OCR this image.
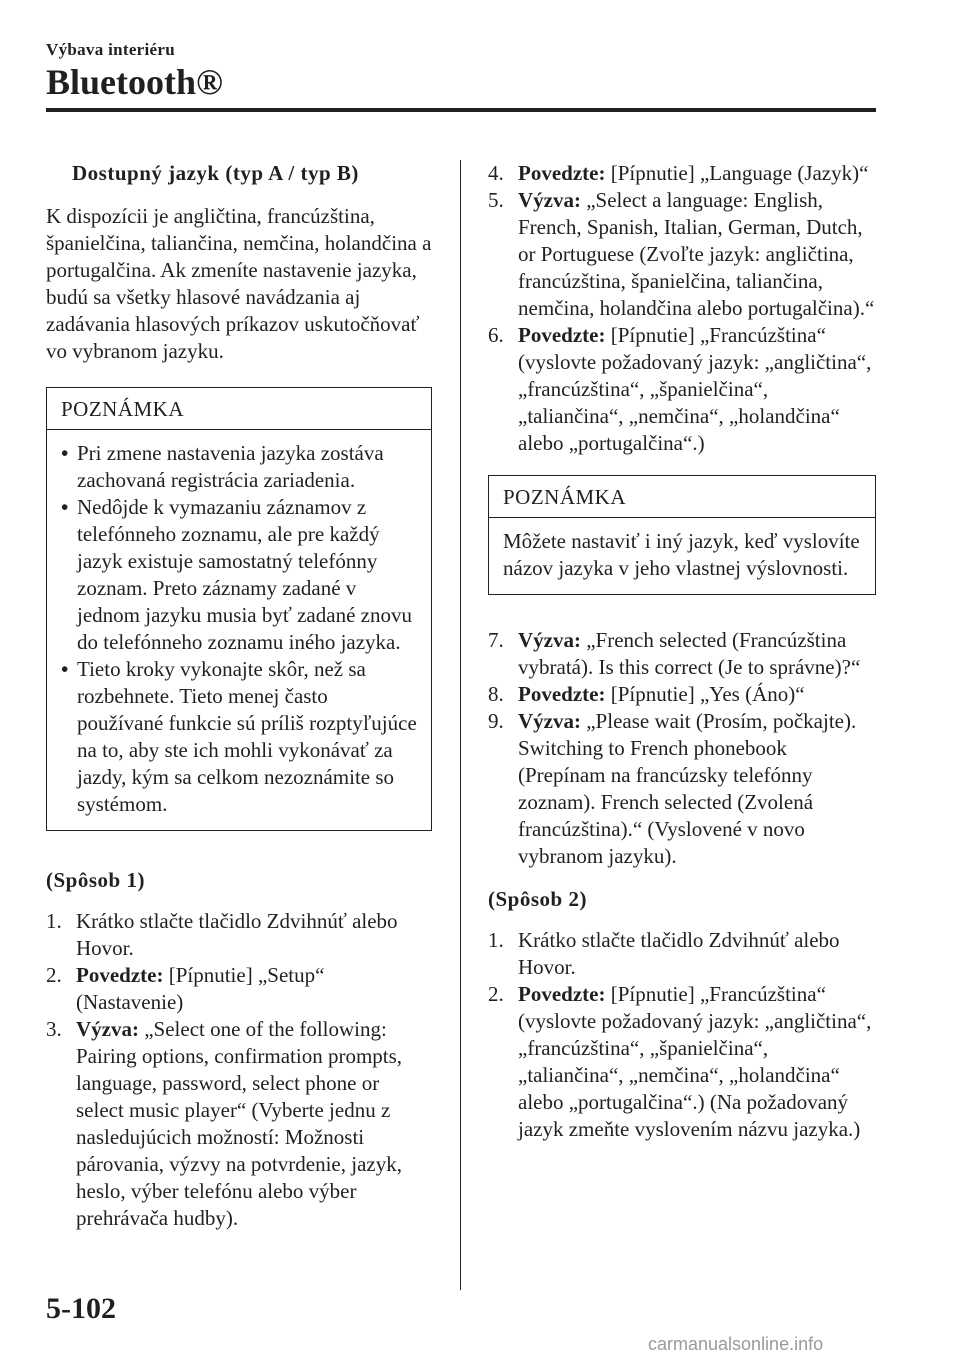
Výbava interiéru
Bluetooth®
Dostupný jazyk (typ A / typ B)
K dispozícii je angličtina, francúzština, španielčina, taliančina, nemčina, holandčina a portugalčina. Ak zmeníte nastavenie jazyka, budú sa všetky hlasové navádzania aj zadávania hlasových príkazov uskutočňovať vo vybranom jazyku.
POZNÁMKA
• Pri zmene nastavenia jazyka zostáva zachovaná registrácia zariadenia.
• Nedôjde k vymazaniu záznamov z telefónneho zoznamu, ale pre každý jazyk existuje samostatný telefónny zoznam. Preto záznamy zadané v jednom jazyku musia byť zadané znovu do telefónneho zoznamu iného jazyka.
• Tieto kroky vykonajte skôr, než sa rozbehnete. Tieto menej často používané funkcie sú príliš rozptyľujúce na to, aby ste ich mohli vykonávať za jazdy, kým sa celkom nezoznámite so systémom.
(Spôsob 1)
1. Krátko stlačte tlačidlo Zdvihnúť alebo Hovor.
2. Povedzte: [Pípnutie] „Setup“ (Nastavenie)
3. Výzva: „Select one of the following: Pairing options, confirmation prompts, language, password, select phone or select music player“ (Vyberte jednu z nasledujúcich možností: Možnosti párovania, výzvy na potvrdenie, jazyk, heslo, výber telefónu alebo výber prehrávača hudby).
4. Povedzte: [Pípnutie] „Language (Jazyk)“
5. Výzva: „Select a language: English, French, Spanish, Italian, German, Dutch, or Portuguese (Zvoľte jazyk: angličtina, francúzština, španielčina, taliančina, nemčina, holandčina alebo portugalčina).“
6. Povedzte: [Pípnutie] „Francúzština“ (vyslovte požadovaný jazyk: „angličtina“, „francúzština“, „španielčina“, „taliančina“, „nemčina“, „holandčina“ alebo „portugalčina“.)
POZNÁMKA
Môžete nastaviť i iný jazyk, keď vyslovíte názov jazyka v jeho vlastnej výslovnosti.
7. Výzva: „French selected (Francúzština vybratá). Is this correct (Je to správne)?“
8. Povedzte: [Pípnutie] „Yes (Áno)“
9. Výzva: „Please wait (Prosím, počkajte). Switching to French phonebook (Prepínam na francúzsky telefónny zoznam). French selected (Zvolená francúzština).“ (Vyslovené v novo vybranom jazyku).
(Spôsob 2)
1. Krátko stlačte tlačidlo Zdvihnúť alebo Hovor.
2. Povedzte: [Pípnutie] „Francúzština“ (vyslovte požadovaný jazyk: „angličtina“, „francúzština“, „španielčina“, „taliančina“, „nemčina“, „holandčina“ alebo „portugalčina“.) (Na požadovaný jazyk zmeňte vyslovením názvu jazyka.)
5-102
carmanualsonline.info
